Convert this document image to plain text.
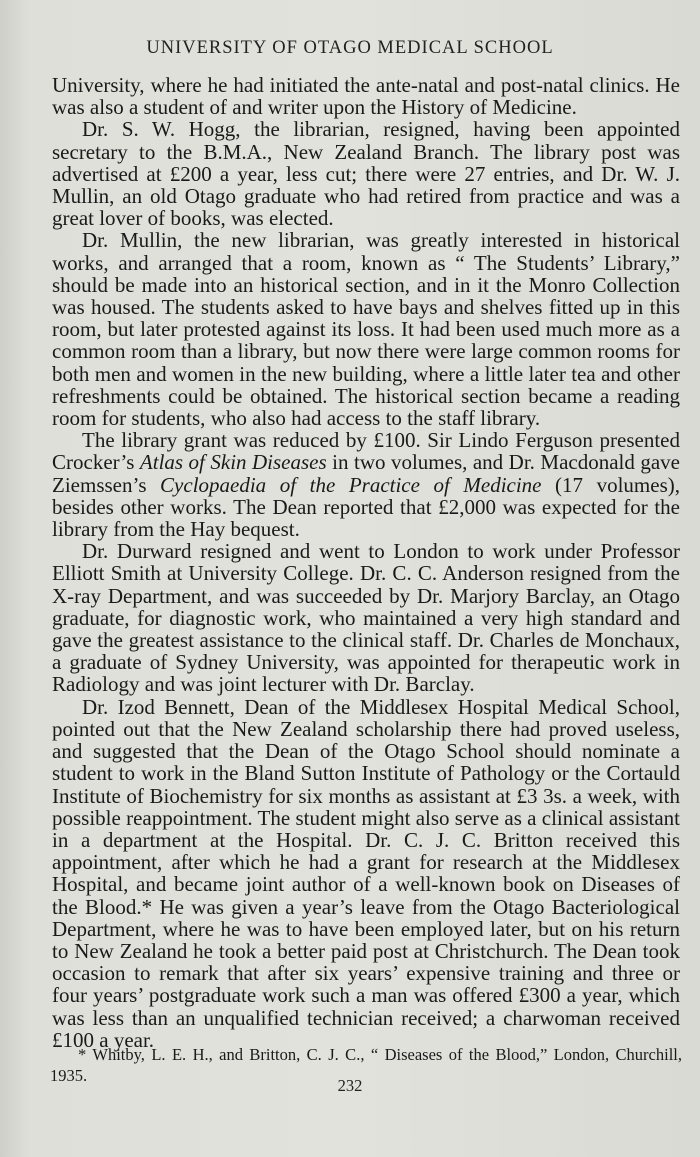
UNIVERSITY OF OTAGO MEDICAL SCHOOL

University, where he had initiated the ante-natal and post-natal clinics. He was also a student of and writer upon the History of Medicine.

Dr. S. W. Hogg, the librarian, resigned, having been appointed secretary to the B.M.A., New Zealand Branch. The library post was advertised at £200 a year, less cut; there were 27 entries, and Dr. W. J. Mullin, an old Otago graduate who had retired from practice and was a great lover of books, was elected.

Dr. Mullin, the new librarian, was greatly interested in historical works, and arranged that a room, known as “ The Students’ Library,” should be made into an historical section, and in it the Monro Collection was housed. The students asked to have bays and shelves fitted up in this room, but later protested against its loss. It had been used much more as a common room than a library, but now there were large common rooms for both men and women in the new building, where a little later tea and other refreshments could be obtained. The historical section became a reading room for students, who also had access to the staff library.

The library grant was reduced by £100. Sir Lindo Ferguson presented Crocker’s Atlas of Skin Diseases in two volumes, and Dr. Macdonald gave Ziemssen’s Cyclopaedia of the Practice of Medicine (17 volumes), besides other works. The Dean reported that £2,000 was expected for the library from the Hay bequest.

Dr. Durward resigned and went to London to work under Professor Elliott Smith at University College. Dr. C. C. Anderson resigned from the X-ray Department, and was succeeded by Dr. Marjory Barclay, an Otago graduate, for diagnostic work, who maintained a very high standard and gave the greatest assistance to the clinical staff. Dr. Charles de Monchaux, a graduate of Sydney University, was appointed for therapeutic work in Radiology and was joint lecturer with Dr. Barclay.

Dr. Izod Bennett, Dean of the Middlesex Hospital Medical School, pointed out that the New Zealand scholarship there had proved useless, and suggested that the Dean of the Otago School should nominate a student to work in the Bland Sutton Institute of Pathology or the Cortauld Institute of Biochemistry for six months as assistant at £3 3s. a week, with possible reappointment. The student might also serve as a clinical assistant in a department at the Hospital. Dr. C. J. C. Britton received this appointment, after which he had a grant for research at the Middlesex Hospital, and became joint author of a well-known book on Diseases of the Blood.* He was given a year’s leave from the Otago Bacteriological Department, where he was to have been employed later, but on his return to New Zealand he took a better paid post at Christchurch. The Dean took occasion to remark that after six years’ expensive training and three or four years’ postgraduate work such a man was offered £300 a year, which was less than an unqualified technician received; a charwoman received £100 a year.

* Whitby, L. E. H., and Britton, C. J. C., “ Diseases of the Blood,” London, Churchill, 1935.
232
